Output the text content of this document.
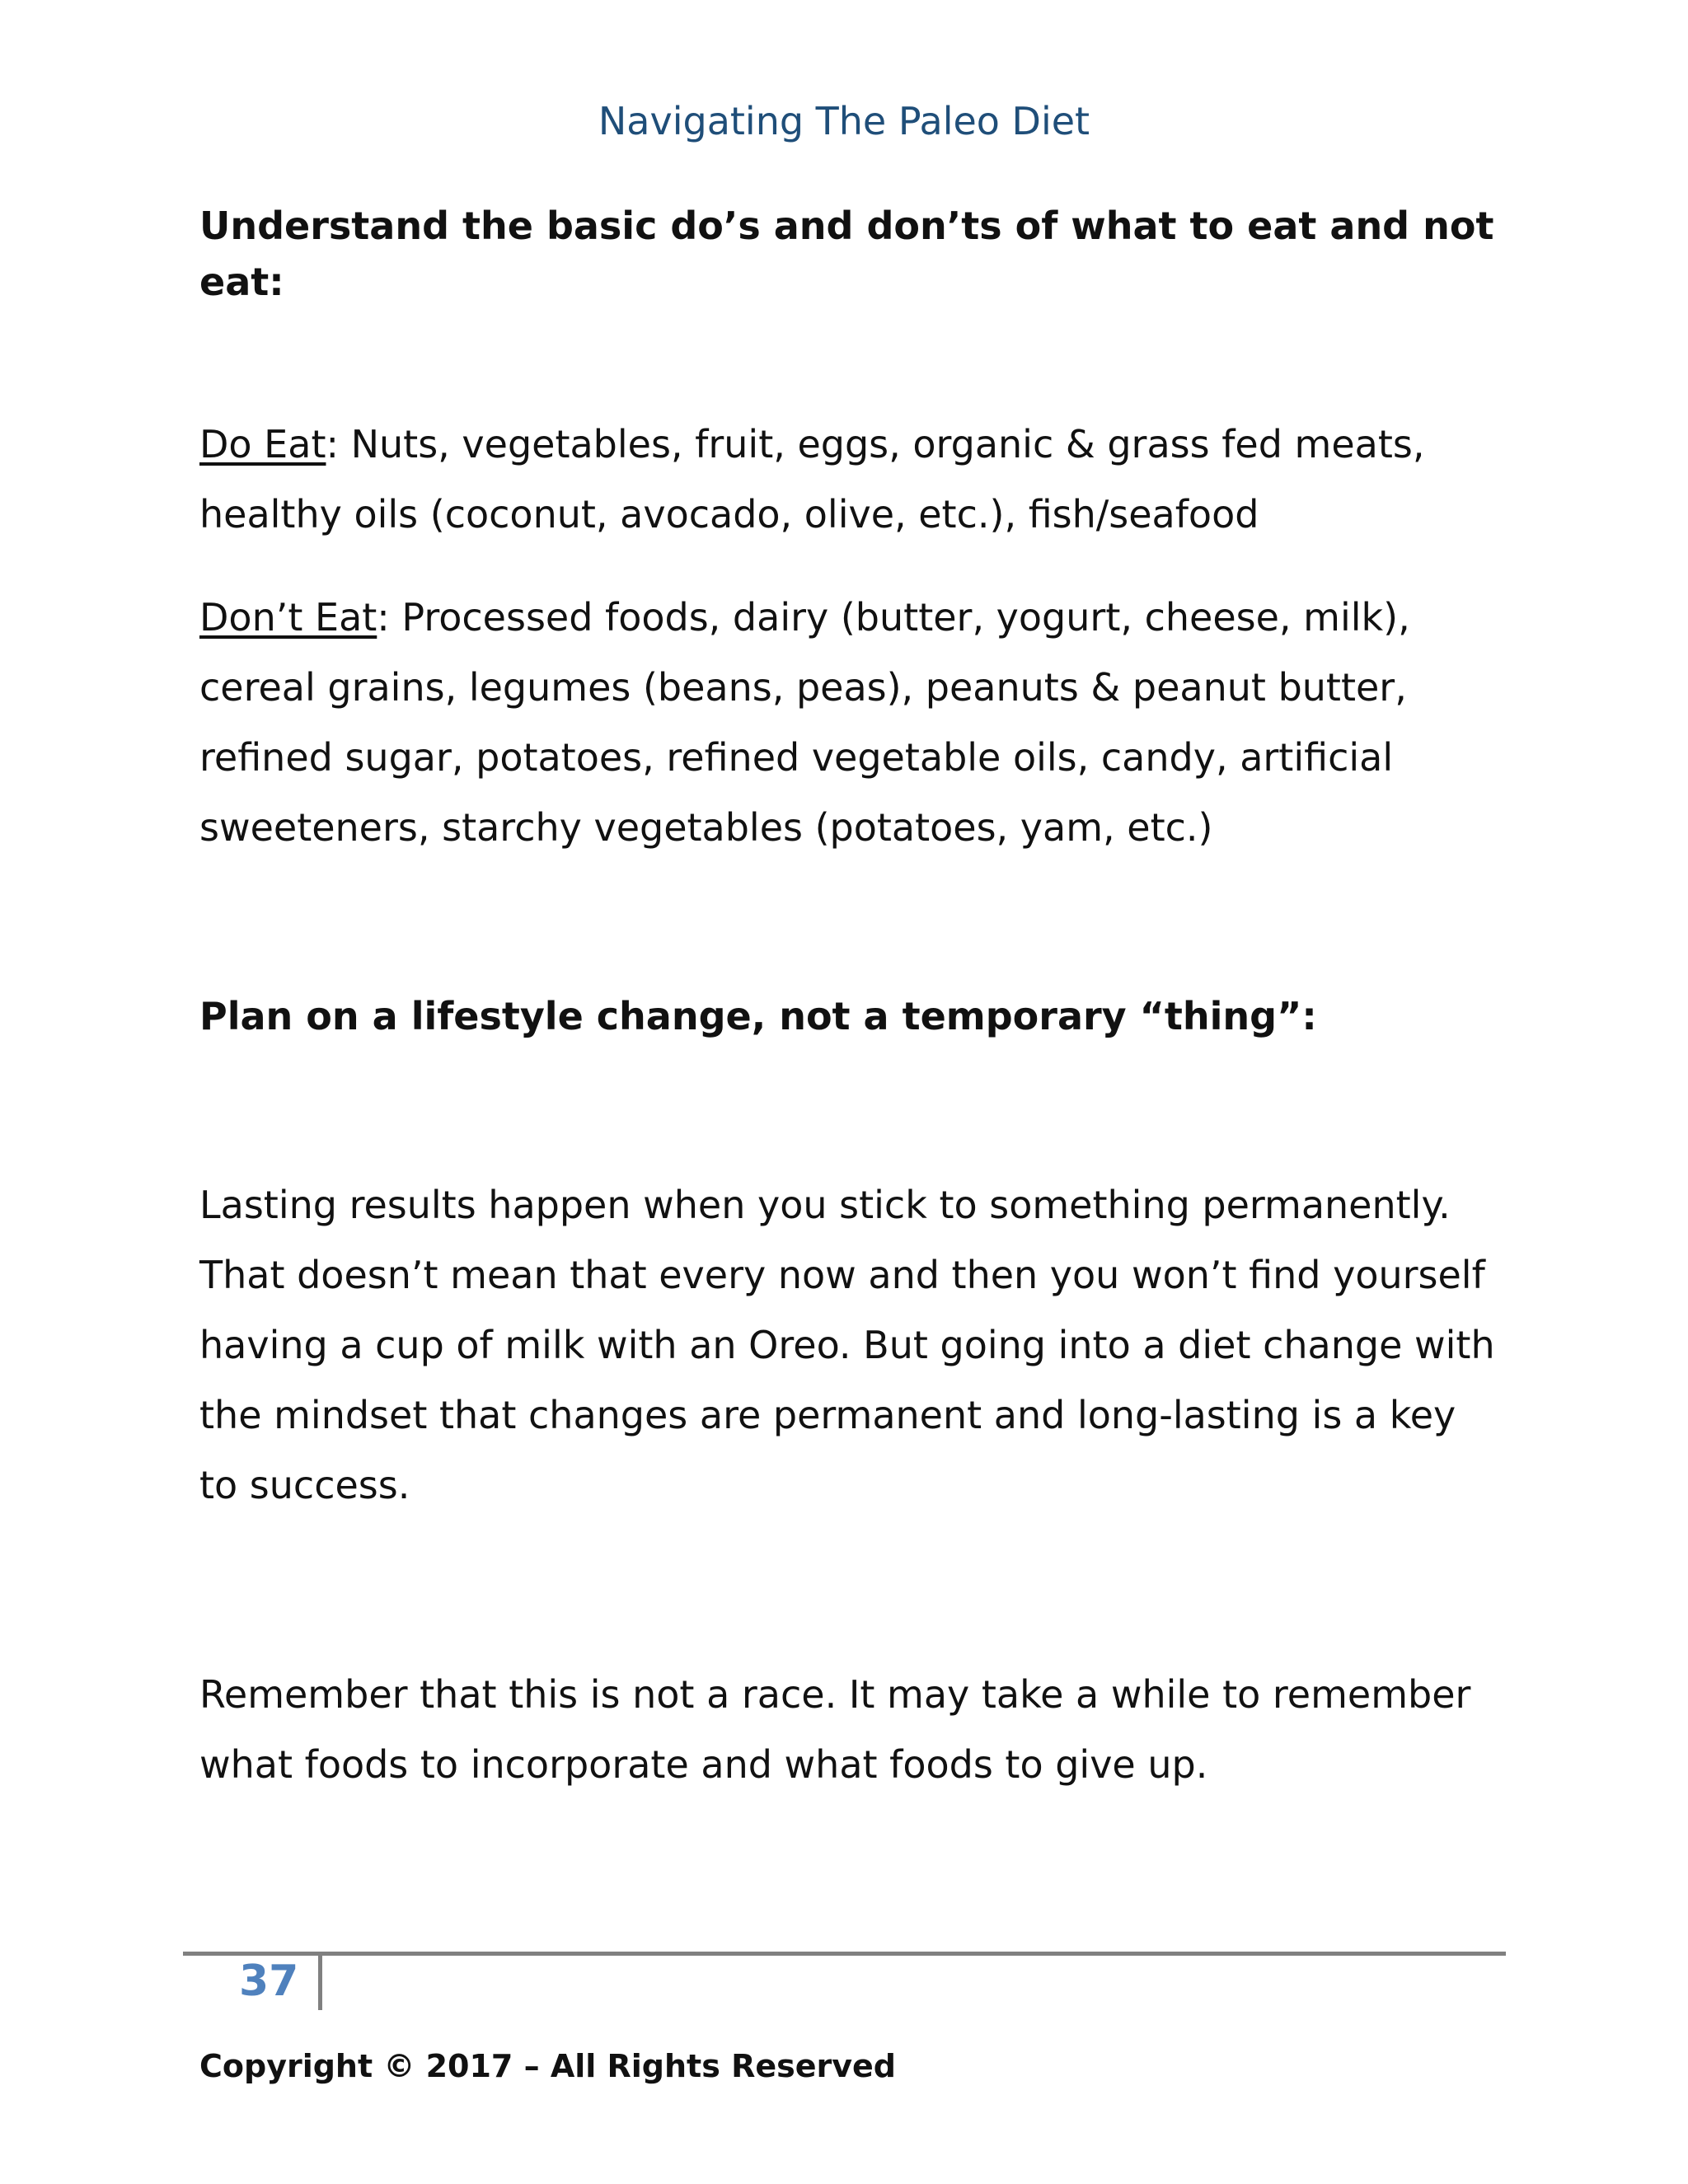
Navigating The Paleo Diet

Understand the basic do’s and don’ts of what to eat and not eat:

Do Eat: Nuts, vegetables, fruit, eggs, organic & grass fed meats, healthy oils (coconut, avocado, olive, etc.), fish/seafood

Don’t Eat: Processed foods, dairy (butter, yogurt, cheese, milk), cereal grains, legumes (beans, peas), peanuts & peanut butter, refined sugar, potatoes, refined vegetable oils, candy, artificial sweeteners, starchy vegetables (potatoes, yam, etc.)

Plan on a lifestyle change, not a temporary “thing”:

Lasting results happen when you stick to something permanently. That doesn’t mean that every now and then you won’t find yourself having a cup of milk with an Oreo. But going into a diet change with the mindset that changes are permanent and long-lasting is a key to success.

Remember that this is not a race. It may take a while to remember what foods to incorporate and what foods to give up.

37
Copyright © 2017 – All Rights Reserved
